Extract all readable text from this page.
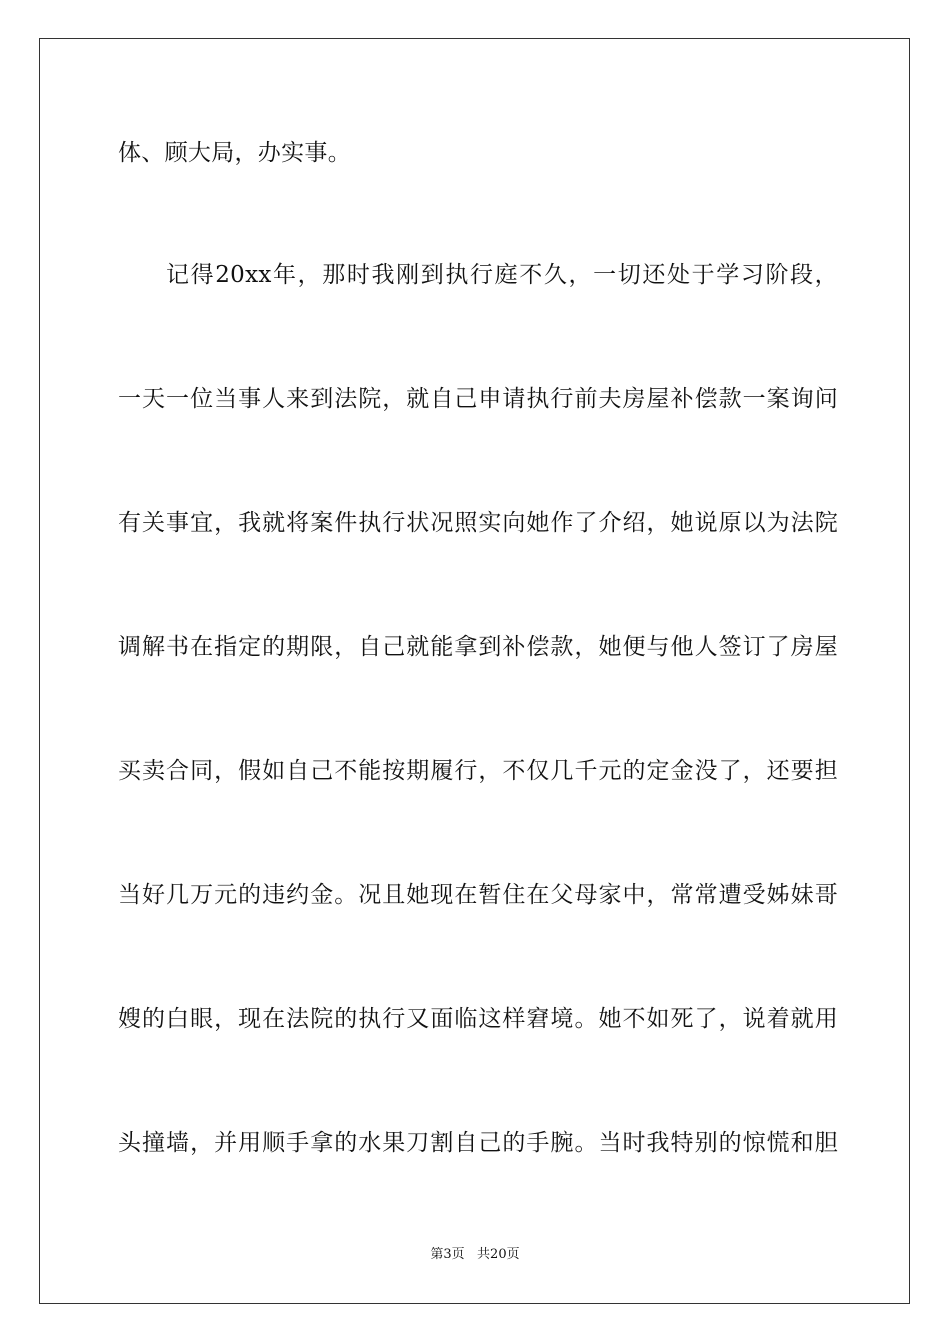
体、顾大局，办实事。
记得20xx年，那时我刚到执行庭不久，一切还处于学习阶段，
一天一位当事人来到法院，就自己申请执行前夫房屋补偿款一案询问
有关事宜，我就将案件执行状况照实向她作了介绍，她说原以为法院
调解书在指定的期限，自己就能拿到补偿款，她便与他人签订了房屋
买卖合同，假如自己不能按期履行，不仅几千元的定金没了，还要担
当好几万元的违约金。况且她现在暂住在父母家中，常常遭受姊妹哥
嫂的白眼，现在法院的执行又面临这样窘境。她不如死了，说着就用
头撞墙，并用顺手拿的水果刀割自己的手腕。当时我特别的惊慌和胆
第3页   共20页
